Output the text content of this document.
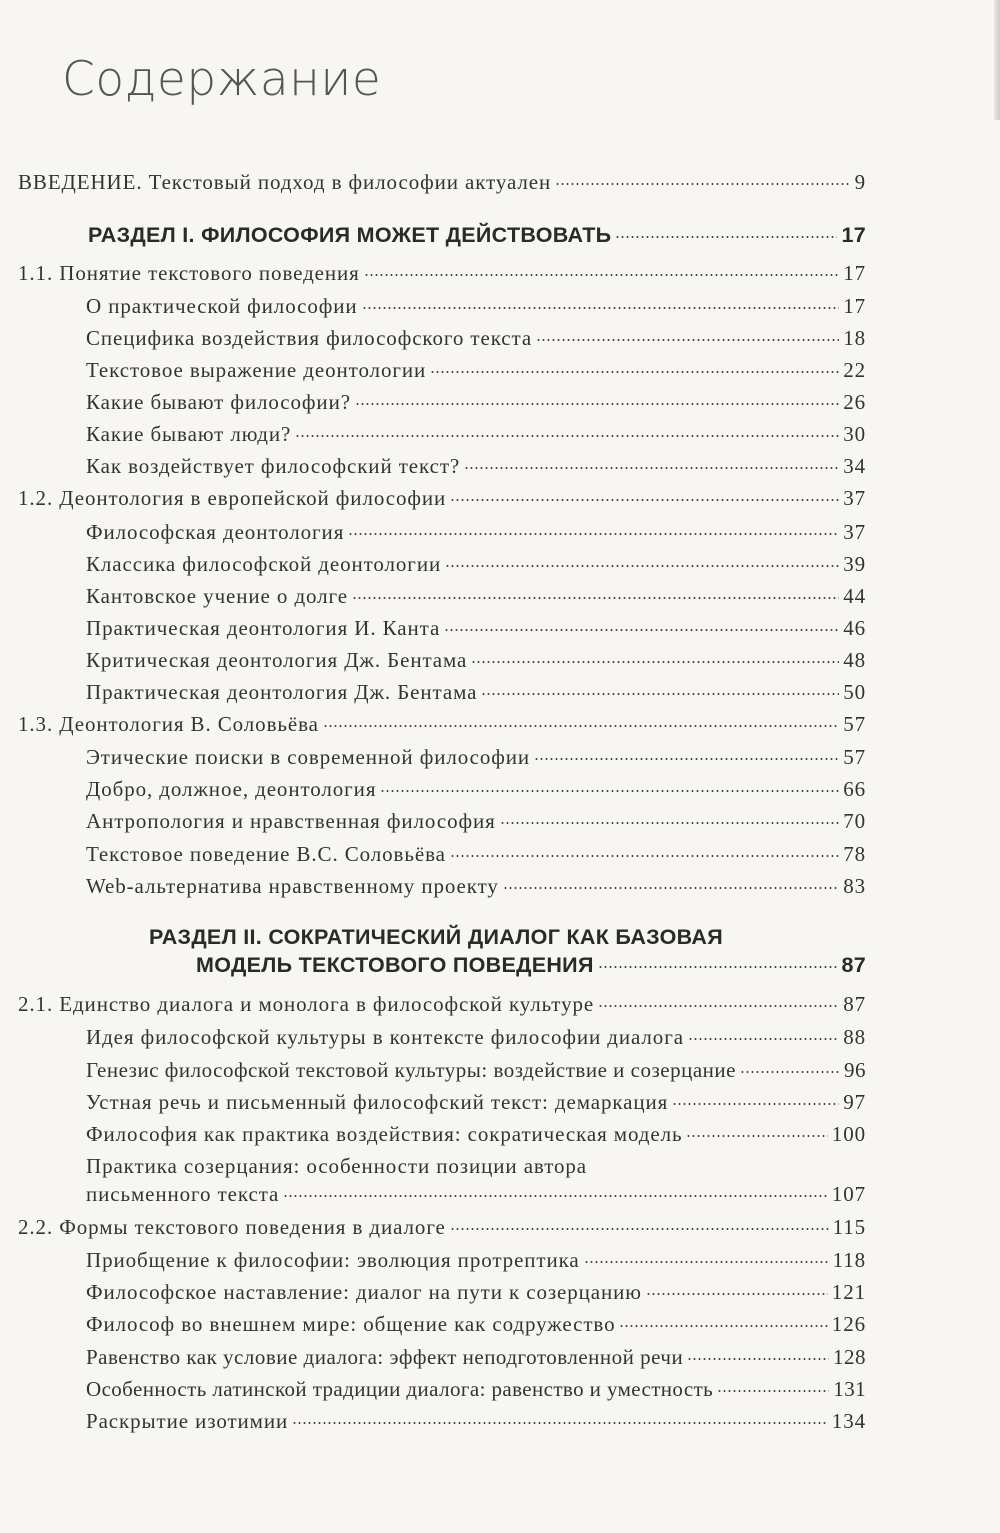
Содержание
ВВЕДЕНИЕ. Текстовый подход в философии актуален	9
РАЗДЕЛ I. ФИЛОСОФИЯ МОЖЕТ ДЕЙСТВОВАТЬ	17
1.1. Понятие текстового поведения	17
О практической философии	17
Специфика воздействия философского текста	18
Текстовое выражение деонтологии	22
Какие бывают философии?	26
Какие бывают люди?	30
Как воздействует философский текст?	34
1.2. Деонтология в европейской философии	37
Философская деонтология	37
Классика философской деонтологии	39
Кантовское учение о долге	44
Практическая деонтология И. Канта	46
Критическая деонтология Дж. Бентама	48
Практическая деонтология Дж. Бентама	50
1.3. Деонтология В. Соловьёва	57
Этические поиски в современной философии	57
Добро, должное, деонтология	66
Антропология и нравственная философия	70
Текстовое поведение В.С. Соловьёва	78
Web-альтернатива нравственному проекту	83
РАЗДЕЛ II. СОКРАТИЧЕСКИЙ ДИАЛОГ КАК БАЗОВАЯ
МОДЕЛЬ ТЕКСТОВОГО ПОВЕДЕНИЯ	87
2.1. Единство диалога и монолога в философской культуре	87
Идея философской культуры в контексте философии диалога	88
Генезис философской текстовой культуры: воздействие и созерцание	96
Устная речь и письменный философский текст: демаркация	97
Философия как практика воздействия: сократическая модель	100
Практика созерцания: особенности позиции автора
письменного текста	107
2.2. Формы текстового поведения в диалоге	115
Приобщение к философии: эволюция протрептика	118
Философское наставление: диалог на пути к созерцанию	121
Философ во внешнем мире: общение как содружество	126
Равенство как условие диалога: эффект неподготовленной речи	128
Особенность латинской традиции диалога: равенство и уместность	131
Раскрытие изотимии	134
